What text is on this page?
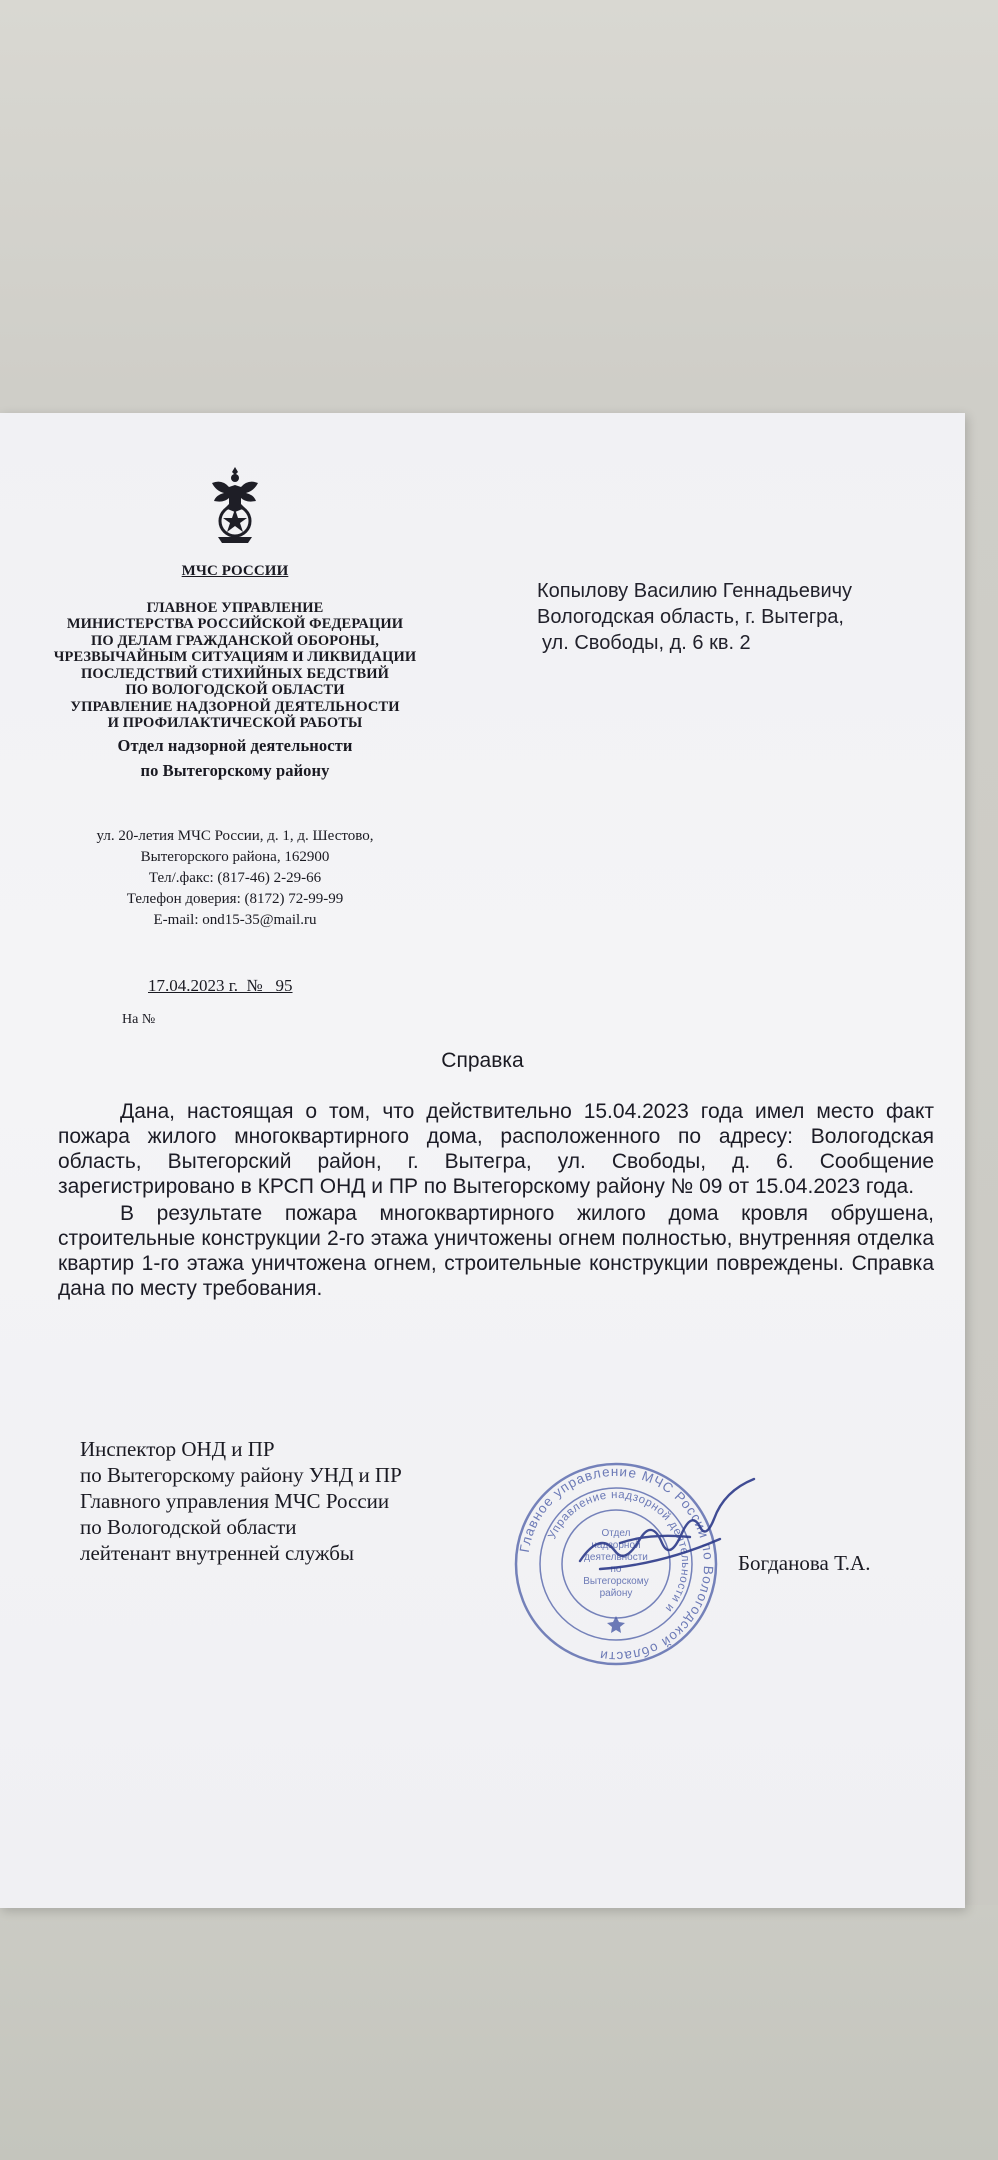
МЧС РОССИИ
ГЛАВНОЕ УПРАВЛЕНИЕ
МИНИСТЕРСТВА РОССИЙСКОЙ ФЕДЕРАЦИИ
ПО ДЕЛАМ ГРАЖДАНСКОЙ ОБОРОНЫ,
ЧРЕЗВЫЧАЙНЫМ СИТУАЦИЯМ И ЛИКВИДАЦИИ
ПОСЛЕДСТВИЙ СТИХИЙНЫХ БЕДСТВИЙ
ПО ВОЛОГОДСКОЙ ОБЛАСТИ
УПРАВЛЕНИЕ НАДЗОРНОЙ ДЕЯТЕЛЬНОСТИ
И ПРОФИЛАКТИЧЕСКОЙ РАБОТЫ
Отдел надзорной деятельности
по Вытегорскому району
ул. 20-летия МЧС России, д. 1, д. Шестово,
Вытегорского района, 162900
Тел/.факс: (817-46) 2-29-66
Телефон доверия: (8172) 72-99-99
E-mail: ond15-35@mail.ru
17.04.2023 г.  №   95
На №
Копылову Василию Геннадьевичу
Вологодская область, г. Вытегра,
ул. Свободы, д. 6 кв. 2
Справка

Дана, настоящая о том, что действительно 15.04.2023 года имел место факт пожара жилого многоквартирного дома, расположенного по адресу: Вологодская область, Вытегорский район, г. Вытегра, ул. Свободы, д. 6. Сообщение зарегистрировано в КРСП ОНД и ПР по Вытегорскому району № 09 от 15.04.2023 года.

В результате пожара многоквартирного жилого дома кровля обрушена, строительные конструкции 2-го этажа уничтожены огнем полностью, внутренняя отделка квартир 1-го этажа уничтожена огнем, строительные конструкции повреждены. Справка дана по месту требования.

Инспектор ОНД и ПР
по Вытегорскому району УНД и ПР
Главного управления МЧС России
по Вологодской области
лейтенант внутренней службы	Главное управление МЧС России по Вологодской области
Управление надзорной деятельности и
Отдел
надзорной
деятельности
по
Вытегорскому
району
Богданова Т.А.
